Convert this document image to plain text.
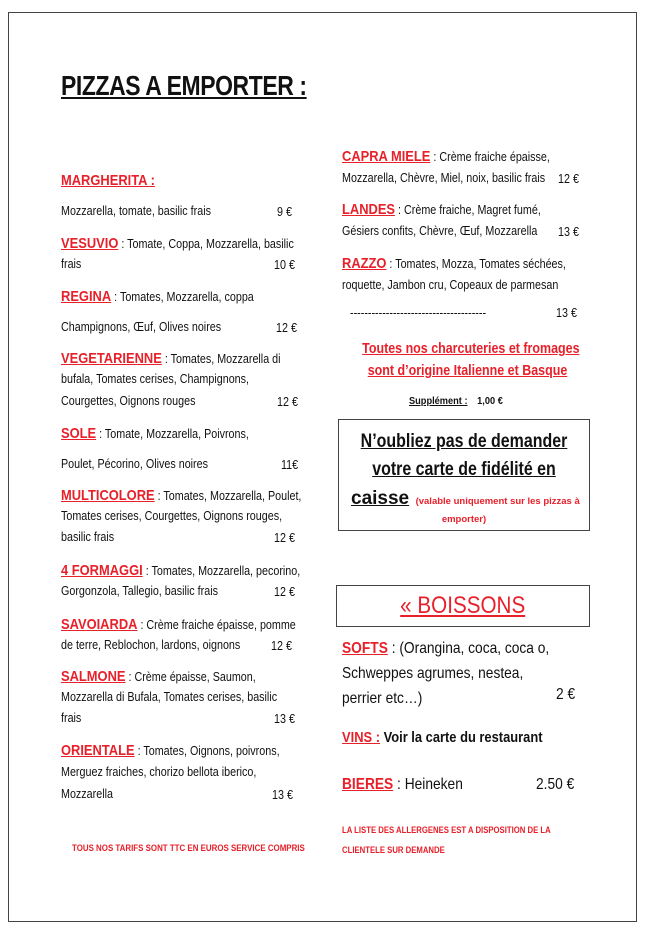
PIZZAS A EMPORTER :
MARGHERITA :
Mozzarella, tomate, basilic frais	9 €
VESUVIO : Tomate, Coppa, Mozzarella, basilic
frais	10 €
REGINA : Tomates, Mozzarella, coppa
Champignons, Œuf, Olives noires	12 €
VEGETARIENNE : Tomates, Mozzarella di
bufala, Tomates cerises, Champignons,
Courgettes, Oignons rouges	12 €
SOLE : Tomate, Mozzarella, Poivrons,
Poulet, Pécorino, Olives noires	11€
MULTICOLORE : Tomates, Mozzarella, Poulet,
Tomates cerises, Courgettes, Oignons rouges,
basilic frais	12 €
4 FORMAGGI : Tomates, Mozzarella, pecorino,
Gorgonzola, Tallegio, basilic frais	12 €
SAVOIARDA : Crème fraiche épaisse, pomme
de terre, Reblochon, lardons, oignons 12 €
SALMONE : Crème épaisse, Saumon,
Mozzarella di Bufala, Tomates cerises, basilic
frais	13 €
ORIENTALE : Tomates, Oignons, poivrons,
Merguez fraiches, chorizo bellota iberico,
Mozzarella	13 €
TOUS NOS TARIFS SONT TTC EN EUROS SERVICE COMPRIS
CAPRA MIELE : Crème fraiche épaisse,
Mozzarella, Chèvre, Miel, noix, basilic frais 12 €
LANDES : Crème fraiche, Magret fumé,
Gésiers confits, Chèvre, Œuf, Mozzarella 13 €
RAZZO : Tomates, Mozza, Tomates séchées,
roquette, Jambon cru, Copeaux de parmesan
--------------------------------------	13 €
Toutes nos charcuteries et fromages
sont d’origine Italienne et Basque
Supplément : 1,00 €
N’oubliez pas de demander
votre carte de fidélité en
caisse (valable uniquement sur les pizzas à
emporter)
« BOISSONS
SOFTS : (Orangina, coca, coca o,
Schweppes agrumes, nestea,
perrier etc…)	2 €
VINS : Voir la carte du restaurant
BIERES : Heineken	2.50 €
LA LISTE DES ALLERGENES EST A DISPOSITION DE LA
CLIENTELE SUR DEMANDE
